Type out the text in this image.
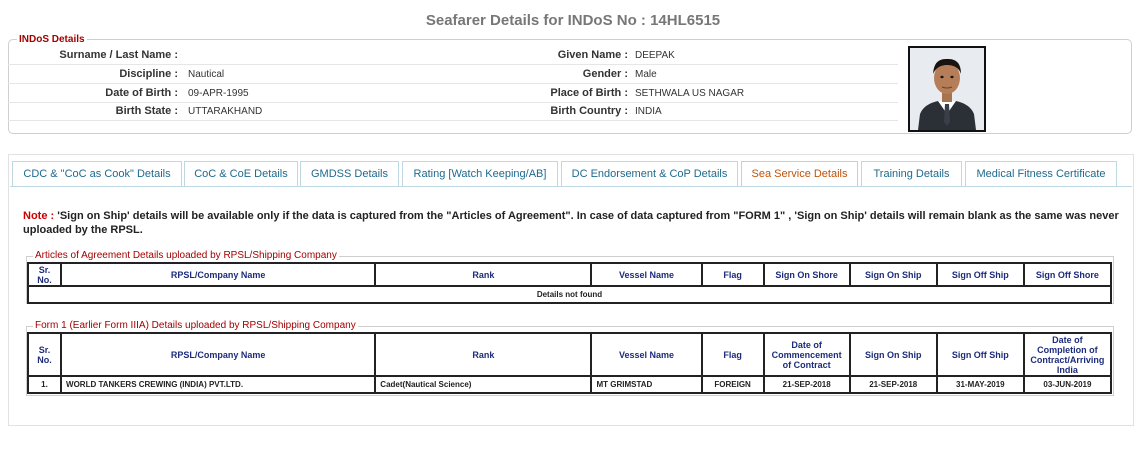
Seafarer Details for INDoS No : 14HL6515
INDoS Details
Surname / Last Name :	Given Name : DEEPAK
Discipline : Nautical	Gender : Male
Date of Birth : 09-APR-1995	Place of Birth : SETHWALA US NAGAR
Birth State : UTTARAKHAND	Birth Country : INDIA
CDC & "CoC as Cook" Details	CoC & CoE Details	GMDSS Details	Rating [Watch Keeping/AB]	DC Endorsement & CoP Details	Sea Service Details	Training Details	Medical Fitness Certificate
Note : 'Sign on Ship' details will be available only if the data is captured from the "Articles of Agreement". In case of data captured from "FORM 1" , 'Sign on Ship' details will remain blank as the same was never uploaded by the RPSL.
Articles of Agreement Details uploaded by RPSL/Shipping Company
Sr. No.	RPSL/Company Name	Rank	Vessel Name	Flag	Sign On Shore	Sign On Ship	Sign Off Ship	Sign Off Shore
Details not found
Form 1 (Earlier Form IIIA) Details uploaded by RPSL/Shipping Company
Sr. No.	RPSL/Company Name	Rank	Vessel Name	Flag	Date of Commencement of Contract	Sign On Ship	Sign Off Ship	Date of Completion of Contract/Arriving India
1.	WORLD TANKERS CREWING (INDIA) PVT.LTD.	Cadet(Nautical Science)	MT GRIMSTAD	FOREIGN	21-SEP-2018	21-SEP-2018	31-MAY-2019	03-JUN-2019
